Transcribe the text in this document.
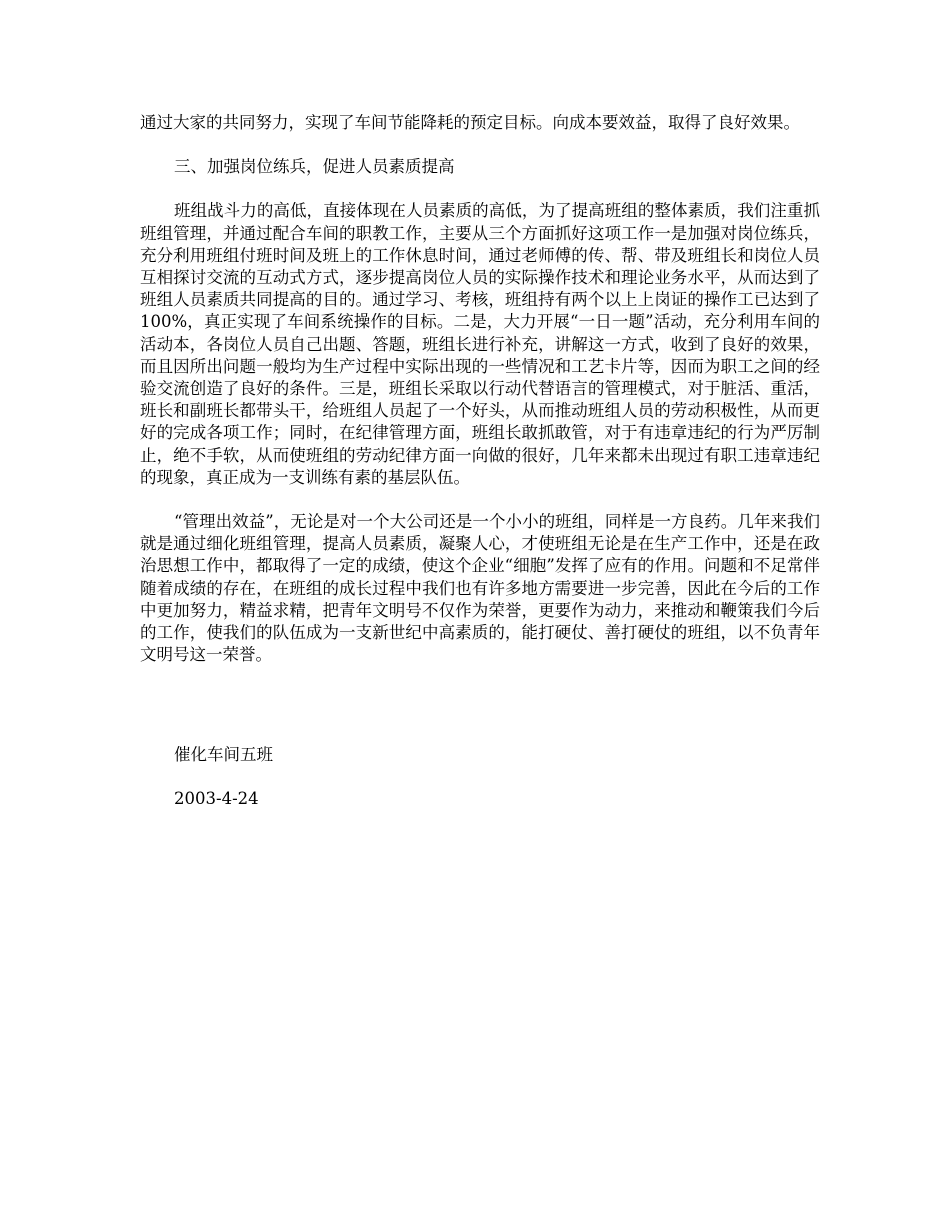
通过大家的共同努力，实现了车间节能降耗的预定目标。向成本要效益，取得了良好效果。

三、加强岗位练兵，促进人员素质提高

班组战斗力的高低，直接体现在人员素质的高低，为了提高班组的整体素质，我们注重抓班组管理，并通过配合车间的职教工作，主要从三个方面抓好这项工作一是加强对岗位练兵，充分利用班组付班时间及班上的工作休息时间，通过老师傅的传、帮、带及班组长和岗位人员互相探讨交流的互动式方式，逐步提高岗位人员的实际操作技术和理论业务水平，从而达到了班组人员素质共同提高的目的。通过学习、考核，班组持有两个以上上岗证的操作工已达到了100%，真正实现了车间系统操作的目标。二是，大力开展“一日一题”活动，充分利用车间的活动本，各岗位人员自己出题、答题，班组长进行补充，讲解这一方式，收到了良好的效果，而且因所出问题一般均为生产过程中实际出现的一些情况和工艺卡片等，因而为职工之间的经验交流创造了良好的条件。三是，班组长采取以行动代替语言的管理模式，对于脏活、重活，班长和副班长都带头干，给班组人员起了一个好头，从而推动班组人员的劳动积极性，从而更好的完成各项工作；同时，在纪律管理方面，班组长敢抓敢管，对于有违章违纪的行为严厉制止，绝不手软，从而使班组的劳动纪律方面一向做的很好，几年来都未出现过有职工违章违纪的现象，真正成为一支训练有素的基层队伍。

“管理出效益”，无论是对一个大公司还是一个小小的班组，同样是一方良药。几年来我们就是通过细化班组管理，提高人员素质，凝聚人心，才使班组无论是在生产工作中，还是在政治思想工作中，都取得了一定的成绩，使这个企业“细胞”发挥了应有的作用。问题和不足常伴随着成绩的存在，在班组的成长过程中我们也有许多地方需要进一步完善，因此在今后的工作中更加努力，精益求精，把青年文明号不仅作为荣誉，更要作为动力，来推动和鞭策我们今后的工作，使我们的队伍成为一支新世纪中高素质的，能打硬仗、善打硬仗的班组，以不负青年文明号这一荣誉。

催化车间五班
2003-4-24
